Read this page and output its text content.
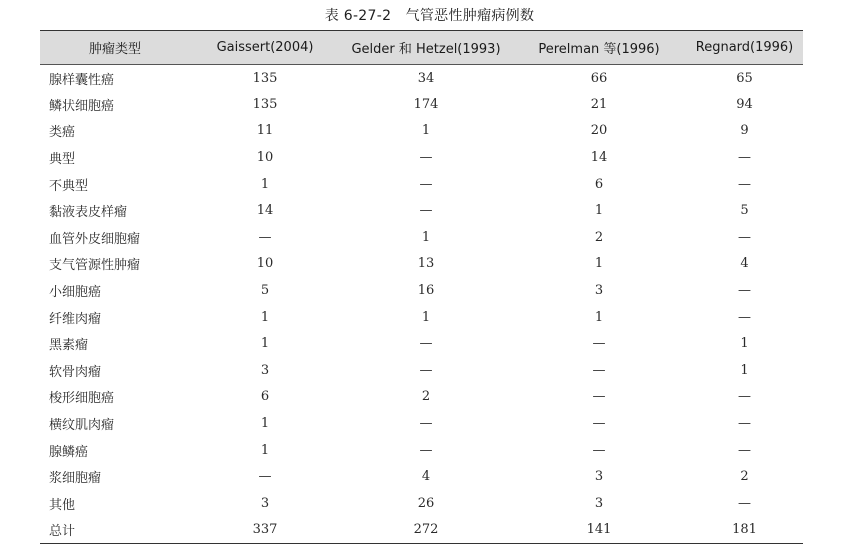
表 6-27-2　气管恶性肿瘤病例数
肿瘤类型	Gaissert(2004)	Gelder 和 Hetzel(1993)	Perelman 等(1996)	Regnard(1996)
腺样囊性癌	135	34	66	65
鳞状细胞癌	135	174	21	94
类癌	11	1	20	9
典型	10	—	14	—
不典型	1	—	6	—
黏液表皮样瘤	14	—	1	5
血管外皮细胞瘤	—	1	2	—
支气管源性肿瘤	10	13	1	4
小细胞癌	5	16	3	—
纤维肉瘤	1	1	1	—
黑素瘤	1	—	—	1
软骨肉瘤	3	—	—	1
梭形细胞癌	6	2	—	—
横纹肌肉瘤	1	—	—	—
腺鳞癌	1	—	—	—
浆细胞瘤	—	4	3	2
其他	3	26	3	—
总计	337	272	141	181
